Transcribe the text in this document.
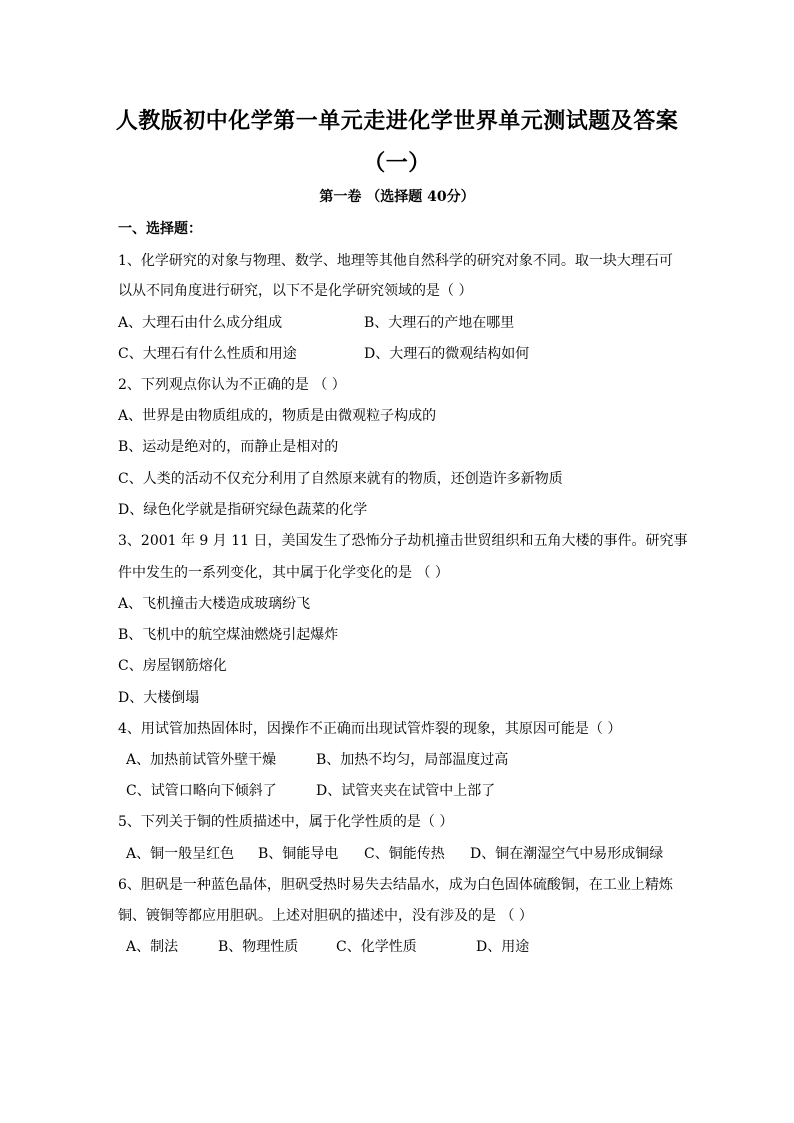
人教版初中化学第一单元走进化学世界单元测试题及答案
（一）
第一卷 （选择题 40分）
一、选择题：
1、化学研究的对象与物理、数学、地理等其他自然科学的研究对象不同。取一块大理石可
以从不同角度进行研究，以下不是化学研究领域的是（ ）
A、大理石由什么成分组成	B、大理石的产地在哪里
C、大理石有什么性质和用途	D、大理石的微观结构如何
2、下列观点你认为不正确的是 （ ）
A、世界是由物质组成的，物质是由微观粒子构成的
B、运动是绝对的，而静止是相对的
C、人类的活动不仅充分利用了自然原来就有的物质，还创造许多新物质
D、绿色化学就是指研究绿色蔬菜的化学
3、2001 年 9 月 11 日，美国发生了恐怖分子劫机撞击世贸组织和五角大楼的事件。研究事
件中发生的一系列变化，其中属于化学变化的是 （ ）
A、飞机撞击大楼造成玻璃纷飞
B、飞机中的航空煤油燃烧引起爆炸
C、房屋钢筋熔化
D、大楼倒塌
4、用试管加热固体时，因操作不正确而出现试管炸裂的现象，其原因可能是（ ）
A、加热前试管外壁干燥	B、加热不均匀，局部温度过高
C、试管口略向下倾斜了	D、试管夹夹在试管中上部了
5、下列关于铜的性质描述中，属于化学性质的是（ ）
A、铜一般呈红色 B、铜能导电 C、铜能传热 D、铜在潮湿空气中易形成铜绿
6、胆矾是一种蓝色晶体，胆矾受热时易失去结晶水，成为白色固体硫酸铜，在工业上精炼
铜、镀铜等都应用胆矾。上述对胆矾的描述中，没有涉及的是 （ ）
A、制法	B、物理性质	C、化学性质	D、用途
